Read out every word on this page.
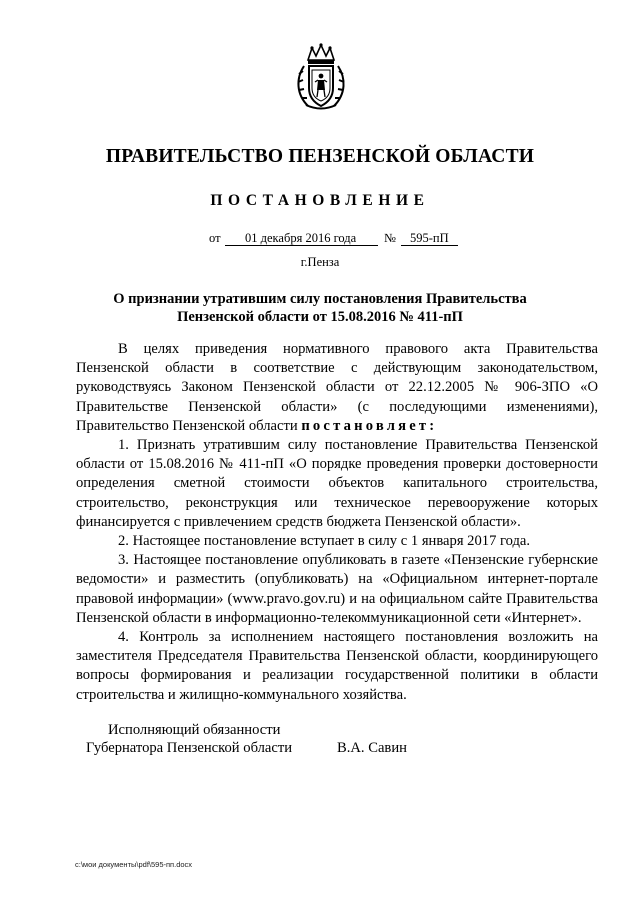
ПРАВИТЕЛЬСТВО ПЕНЗЕНСКОЙ ОБЛАСТИ
ПОСТАНОВЛЕНИЕ
от 01 декабря 2016 года № 595-пП
г.Пенза
О признании утратившим силу постановления Правительства
Пензенской области от 15.08.2016 № 411-пП

В целях приведения нормативного правового акта Правительства Пензенской области в соответствие с действующим законодательством, руководствуясь Законом Пензенской области от 22.12.2005 № 906-ЗПО «О Правительстве Пензенской области» (с последующими изменениями), Правительство Пензенской области постановляет:

1. Признать утратившим силу постановление Правительства Пензенской области от 15.08.2016 № 411-пП «О порядке проведения проверки достоверности определения сметной стоимости объектов капитального строительства, строительство, реконструкция или техническое перевооружение которых финансируется с привлечением средств бюджета Пензенской области».

2. Настоящее постановление вступает в силу с 1 января 2017 года.

3. Настоящее постановление опубликовать в газете «Пензенские губернские ведомости» и разместить (опубликовать) на «Официальном интернет-портале правовой информации» (www.pravo.gov.ru) и на официальном сайте Правительства Пензенской области в информационно-телекоммуникационной сети «Интернет».

4. Контроль за исполнением настоящего постановления возложить на заместителя Председателя Правительства Пензенской области, координирующего вопросы формирования и реализации государственной политики в области строительства и жилищно-коммунального хозяйства.

Исполняющий обязанности
Губернатора Пензенской области	В.А. Савин
c:\мои документы\pdf\595-пп.docx
